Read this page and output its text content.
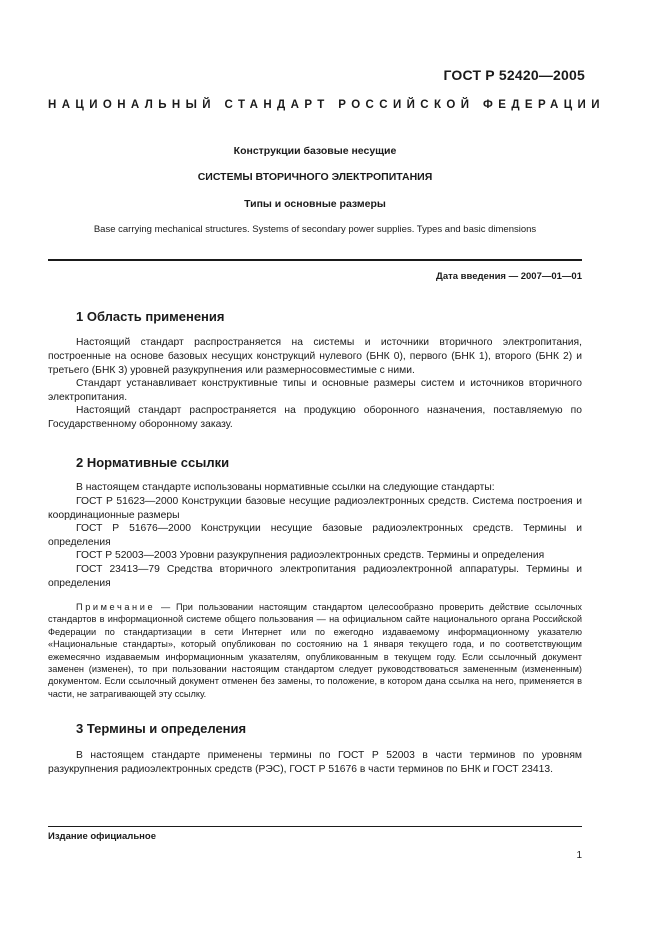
ГОСТ Р 52420—2005
НАЦИОНАЛЬНЫЙ СТАНДАРТ РОССИЙСКОЙ ФЕДЕРАЦИИ
Конструкции базовые несущие
СИСТЕМЫ ВТОРИЧНОГО ЭЛЕКТРОПИТАНИЯ
Типы и основные размеры
Base carrying mechanical structures. Systems of secondary power supplies. Types and basic dimensions
Дата введения — 2007—01—01
1 Область применения

Настоящий стандарт распространяется на системы и источники вторичного электропитания, построенные на основе базовых несущих конструкций нулевого (БНК 0), первого (БНК 1), второго (БНК 2) и третьего (БНК 3) уровней разукрупнения или размерносовместимые с ними.

Стандарт устанавливает конструктивные типы и основные размеры систем и источников вторичного электропитания.

Настоящий стандарт распространяется на продукцию оборонного назначения, поставляемую по Государственному оборонному заказу.

2 Нормативные ссылки

В настоящем стандарте использованы нормативные ссылки на следующие стандарты:

ГОСТ Р 51623—2000 Конструкции базовые несущие радиоэлектронных средств. Система построения и координационные размеры

ГОСТ Р 51676—2000 Конструкции несущие базовые радиоэлектронных средств. Термины и определения

ГОСТ Р 52003—2003 Уровни разукрупнения радиоэлектронных средств. Термины и определения

ГОСТ 23413—79 Средства вторичного электропитания радиоэлектронной аппаратуры. Термины и определения

Примечание — При пользовании настоящим стандартом целесообразно проверить действие ссылочных стандартов в информационной системе общего пользования — на официальном сайте национального органа Российской Федерации по стандартизации в сети Интернет или по ежегодно издаваемому информационному указателю «Национальные стандарты», который опубликован по состоянию на 1 января текущего года, и по соответствующим ежемесячно издаваемым информационным указателям, опубликованным в текущем году. Если ссылочный документ заменен (изменен), то при пользовании настоящим стандартом следует руководствоваться замененным (измененным) документом. Если ссылочный документ отменен без замены, то положение, в котором дана ссылка на него, применяется в части, не затрагивающей эту ссылку.

3 Термины и определения

В настоящем стандарте применены термины по ГОСТ Р 52003 в части терминов по уровням разукрупнения радиоэлектронных средств (РЭС), ГОСТ Р 51676 в части терминов по БНК и ГОСТ 23413.

Издание официальное
1
